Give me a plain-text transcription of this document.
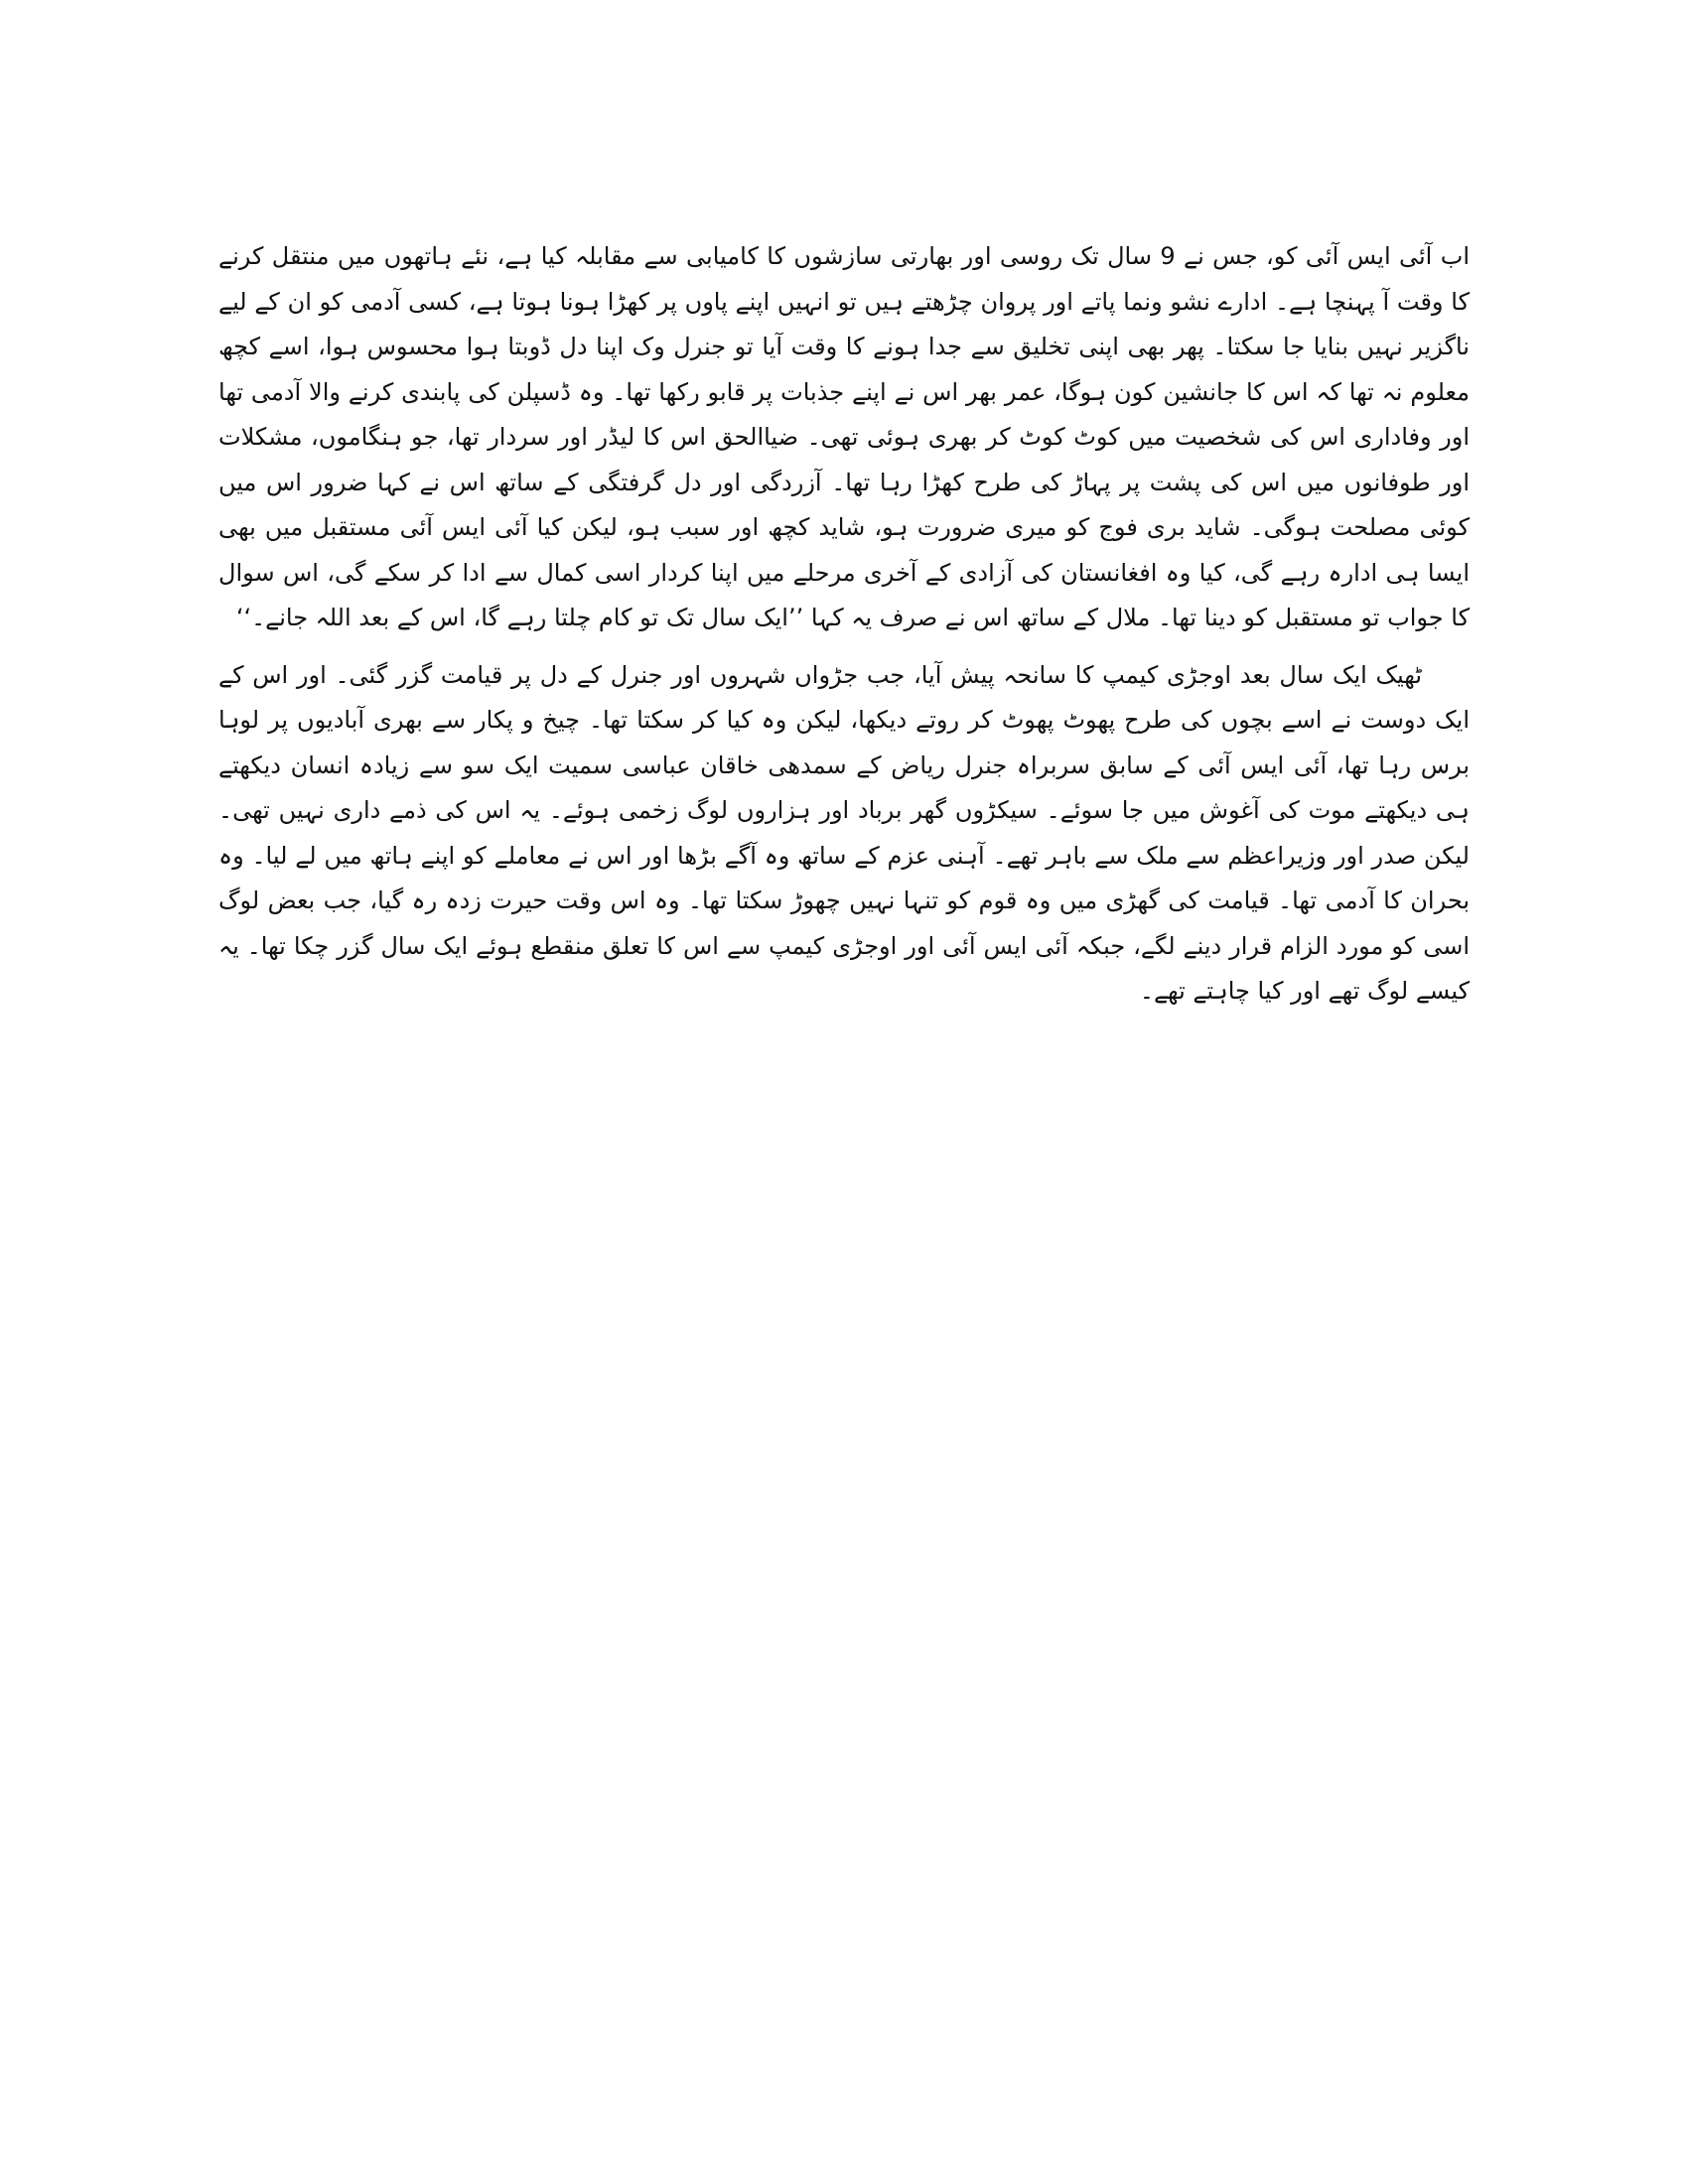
اب آئی ایس آئی کو، جس نے 9 سال تک روسی اور بھارتی سازشوں کا کامیابی سے مقابلہ کیا ہے، نئے ہاتھوں میں منتقل کرنے کا وقت آ پہنچا ہے۔ ادارے نشو ونما پاتے اور پروان چڑھتے ہیں تو انہیں اپنے پاوں پر کھڑا ہونا ہوتا ہے، کسی آدمی کو ان کے لیے ناگزیر نہیں بنایا جا سکتا۔ پھر بھی اپنی تخلیق سے جدا ہونے کا وقت آیا تو جنرل وک اپنا دل ڈوبتا ہوا محسوس ہوا، اسے کچھ معلوم نہ تھا کہ اس کا جانشین کون ہوگا، عمر بھر اس نے اپنے جذبات پر قابو رکھا تھا۔ وہ ڈسپلن کی پابندی کرنے والا آدمی تھا اور وفاداری اس کی شخصیت میں کوٹ کوٹ کر بھری ہوئی تھی۔ ضیاالحق اس کا لیڈر اور سردار تھا، جو ہنگاموں، مشکلات اور طوفانوں میں اس کی پشت پر پہاڑ کی طرح کھڑا رہا تھا۔ آزردگی اور دل گرفتگی کے ساتھ اس نے کہا ضرور اس میں کوئی مصلحت ہوگی۔ شاید بری فوج کو میری ضرورت ہو، شاید کچھ اور سبب ہو، لیکن کیا آئی ایس آئی مستقبل میں بھی ایسا ہی ادارہ رہے گی، کیا وہ افغانستان کی آزادی کے آخری مرحلے میں اپنا کردار اسی کمال سے ادا کر سکے گی، اس سوال کا جواب تو مستقبل کو دینا تھا۔ ملال کے ساتھ اس نے صرف یہ کہا ’’ایک سال تک تو کام چلتا رہے گا، اس کے بعد اللہ جانے۔‘‘

ٹھیک ایک سال بعد اوجڑی کیمپ کا سانحہ پیش آیا، جب جڑواں شہروں اور جنرل کے دل پر قیامت گزر گئی۔ اور اس کے ایک دوست نے اسے بچوں کی طرح پھوٹ پھوٹ کر روتے دیکھا، لیکن وہ کیا کر سکتا تھا۔ چیخ و پکار سے بھری آبادیوں پر لوہا برس رہا تھا، آئی ایس آئی کے سابق سربراہ جنرل ریاض کے سمدھی خاقان عباسی سمیت ایک سو سے زیادہ انسان دیکھتے ہی دیکھتے موت کی آغوش میں جا سوئے۔ سیکڑوں گھر برباد اور ہزاروں لوگ زخمی ہوئے۔ یہ اس کی ذمے داری نہیں تھی۔ لیکن صدر اور وزیراعظم سے ملک سے باہر تھے۔ آہنی عزم کے ساتھ وہ آگے بڑھا اور اس نے معاملے کو اپنے ہاتھ میں لے لیا۔ وہ بحران کا آدمی تھا۔ قیامت کی گھڑی میں وہ قوم کو تنہا نہیں چھوڑ سکتا تھا۔ وہ اس وقت حیرت زدہ رہ گیا، جب بعض لوگ اسی کو مورد الزام قرار دینے لگے، جبکہ آئی ایس آئی اور اوجڑی کیمپ سے اس کا تعلق منقطع ہوئے ایک سال گزر چکا تھا۔ یہ کیسے لوگ تھے اور کیا چاہتے تھے۔
